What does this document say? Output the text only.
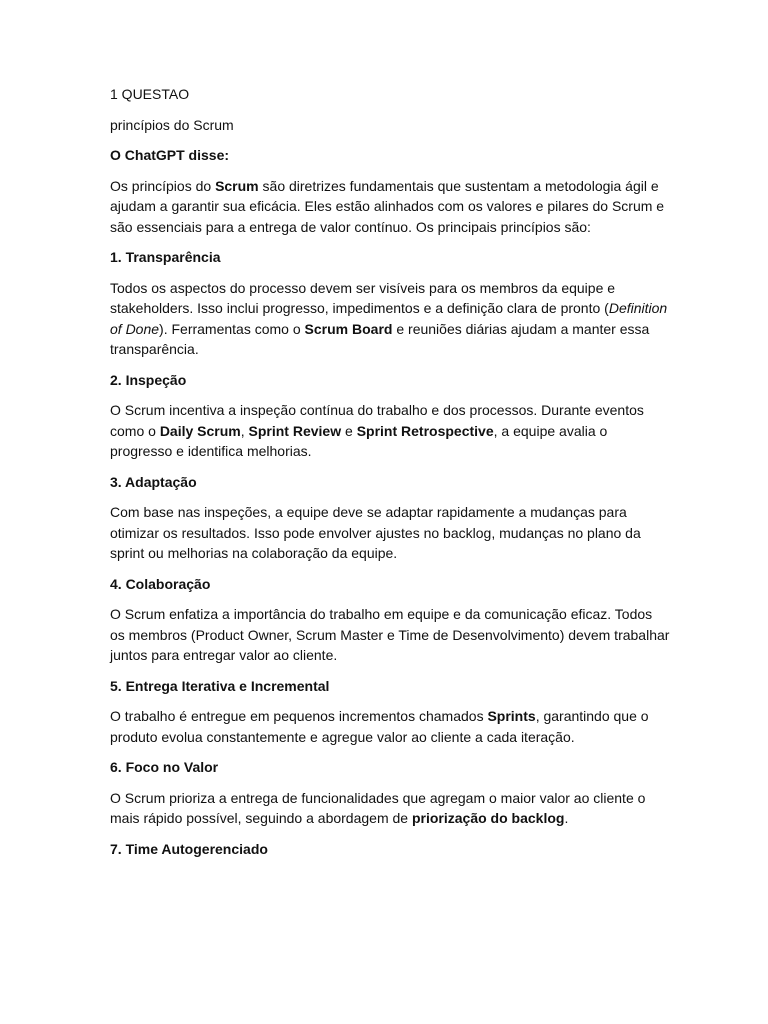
1 QUESTAO

princípios do Scrum

O ChatGPT disse:

Os princípios do Scrum são diretrizes fundamentais que sustentam a metodologia ágil e ajudam a garantir sua eficácia. Eles estão alinhados com os valores e pilares do Scrum e são essenciais para a entrega de valor contínuo. Os principais princípios são:

1. Transparência

Todos os aspectos do processo devem ser visíveis para os membros da equipe e stakeholders. Isso inclui progresso, impedimentos e a definição clara de pronto (Definition of Done). Ferramentas como o Scrum Board e reuniões diárias ajudam a manter essa transparência.

2. Inspeção

O Scrum incentiva a inspeção contínua do trabalho e dos processos. Durante eventos como o Daily Scrum, Sprint Review e Sprint Retrospective, a equipe avalia o progresso e identifica melhorias.

3. Adaptação

Com base nas inspeções, a equipe deve se adaptar rapidamente a mudanças para otimizar os resultados. Isso pode envolver ajustes no backlog, mudanças no plano da sprint ou melhorias na colaboração da equipe.

4. Colaboração

O Scrum enfatiza a importância do trabalho em equipe e da comunicação eficaz. Todos os membros (Product Owner, Scrum Master e Time de Desenvolvimento) devem trabalhar juntos para entregar valor ao cliente.

5. Entrega Iterativa e Incremental

O trabalho é entregue em pequenos incrementos chamados Sprints, garantindo que o produto evolua constantemente e agregue valor ao cliente a cada iteração.

6. Foco no Valor

O Scrum prioriza a entrega de funcionalidades que agregam o maior valor ao cliente o mais rápido possível, seguindo a abordagem de priorização do backlog.

7. Time Autogerenciado
